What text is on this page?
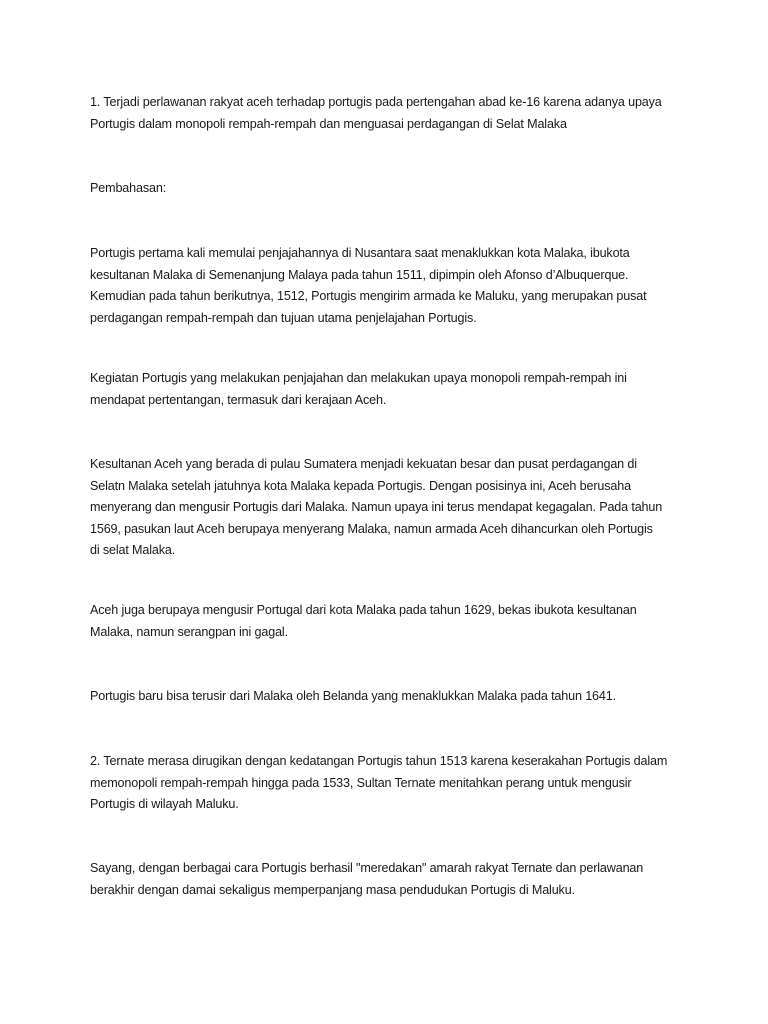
1. Terjadi perlawanan rakyat aceh terhadap portugis pada pertengahan abad ke-16 karena adanya upaya
Portugis dalam monopoli rempah-rempah dan menguasai perdagangan di Selat Malaka

Pembahasan:

Portugis pertama kali memulai penjajahannya di Nusantara saat menaklukkan kota Malaka, ibukota
kesultanan Malaka di Semenanjung Malaya pada tahun 1511, dipimpin oleh Afonso d’Albuquerque.
Kemudian pada tahun berikutnya, 1512, Portugis mengirim armada ke Maluku, yang merupakan pusat
perdagangan rempah-rempah dan tujuan utama penjelajahan Portugis.

Kegiatan Portugis yang melakukan penjajahan dan melakukan upaya monopoli rempah-rempah ini
mendapat pertentangan, termasuk dari kerajaan Aceh.

Kesultanan Aceh yang berada di pulau Sumatera menjadi kekuatan besar dan pusat perdagangan di
Selatn Malaka setelah jatuhnya kota Malaka kepada Portugis. Dengan posisinya ini, Aceh berusaha
menyerang dan mengusir Portugis dari Malaka. Namun upaya ini terus mendapat kegagalan. Pada tahun
1569, pasukan laut Aceh berupaya menyerang Malaka, namun armada Aceh dihancurkan oleh Portugis
di selat Malaka.

Aceh juga berupaya mengusir Portugal dari kota Malaka pada tahun 1629, bekas ibukota kesultanan
Malaka, namun serangpan ini gagal.

Portugis baru bisa terusir dari Malaka oleh Belanda yang menaklukkan Malaka pada tahun 1641.

2. Ternate merasa dirugikan dengan kedatangan Portugis tahun 1513 karena keserakahan Portugis dalam
memonopoli rempah-rempah hingga pada 1533, Sultan Ternate menitahkan perang untuk mengusir
Portugis di wilayah Maluku.

Sayang, dengan berbagai cara Portugis berhasil "meredakan" amarah rakyat Ternate dan perlawanan
berakhir dengan damai sekaligus memperpanjang masa pendudukan Portugis di Maluku.
